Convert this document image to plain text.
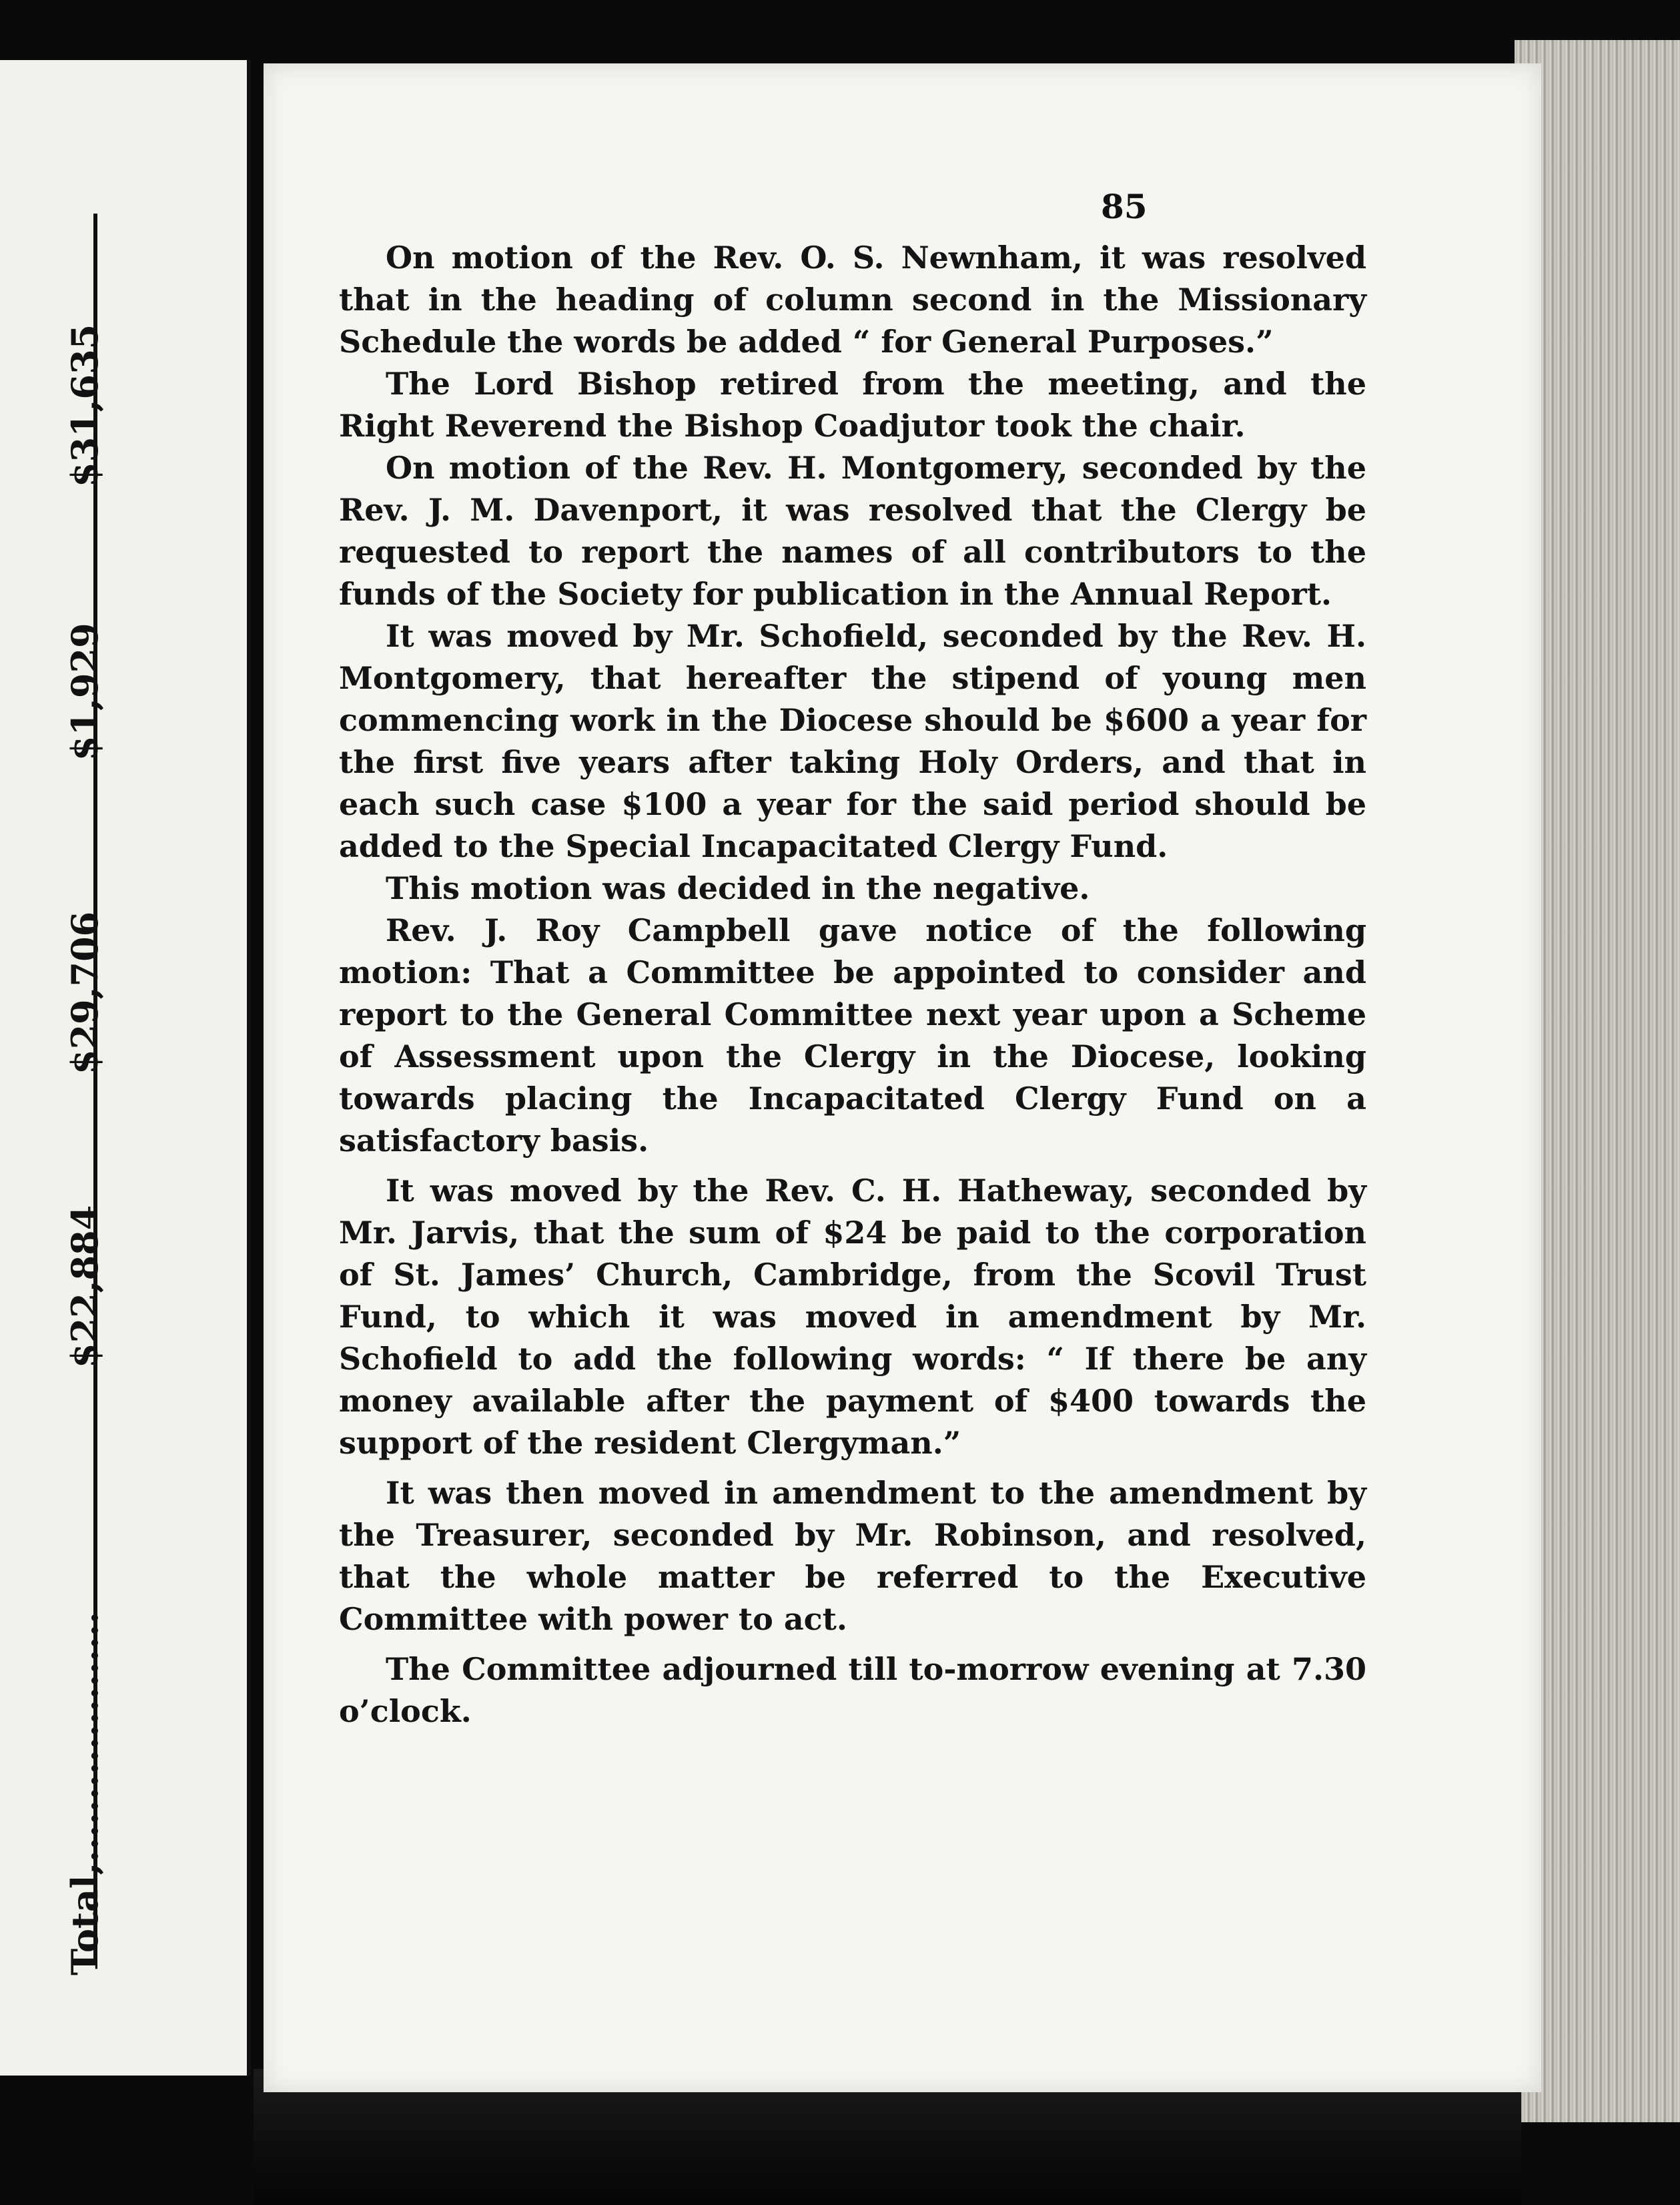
Total,....................
$22,884
$29,706
$1,929
$31,635
85

On motion of the Rev. O. S. Newnham, it was resolved that in the heading of column second in the Missionary Schedule the words be added “ for General Purposes.”

The Lord Bishop retired from the meeting, and the Right Reverend the Bishop Coadjutor took the chair.

On motion of the Rev. H. Montgomery, seconded by the Rev. J. M. Davenport, it was resolved that the Clergy be requested to report the names of all contributors to the funds of the Society for publication in the Annual Report.

It was moved by Mr. Schofield, seconded by the Rev. H. Montgomery, that hereafter the stipend of young men commencing work in the Diocese should be $600 a year for the first five years after taking Holy Orders, and that in each such case $100 a year for the said period should be added to the Special Incapacitated Clergy Fund.

This motion was decided in the negative.

Rev. J. Roy Campbell gave notice of the following motion: That a Committee be appointed to consider and report to the General Committee next year upon a Scheme of Assessment upon the Clergy in the Diocese, looking towards placing the Incapacitated Clergy Fund on a satisfactory basis.

It was moved by the Rev. C. H. Hatheway, seconded by Mr. Jarvis, that the sum of $24 be paid to the corporation of St. James’ Church, Cambridge, from the Scovil Trust Fund, to which it was moved in amendment by Mr. Schofield to add the following words: “ If there be any money available after the payment of $400 towards the support of the resident Clergyman.”

It was then moved in amendment to the amendment by the Treasurer, seconded by Mr. Robinson, and resolved, that the whole matter be referred to the Executive Committee with power to act.

The Committee adjourned till to-morrow evening at 7.30 o’clock.
